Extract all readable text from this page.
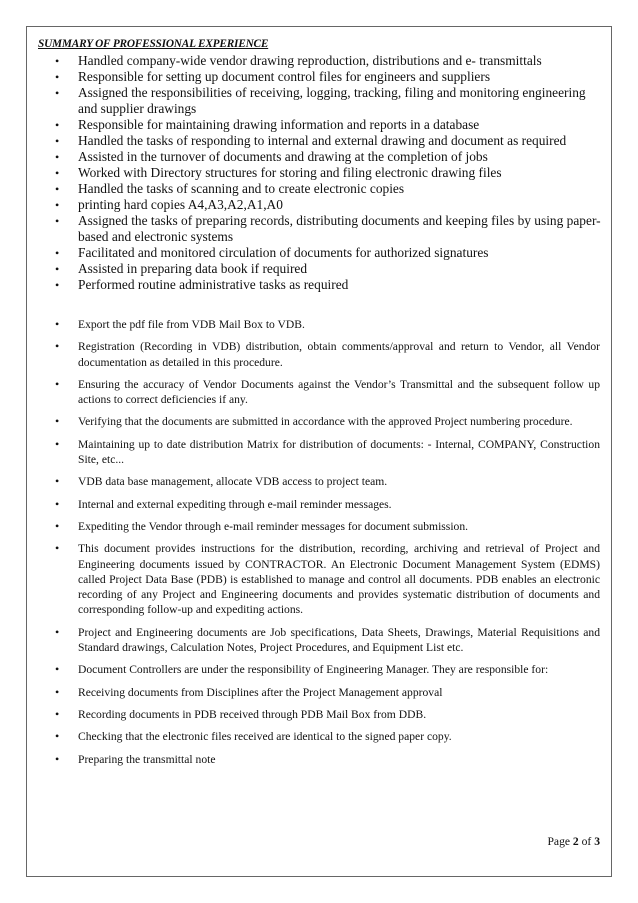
SUMMARY OF PROFESSIONAL EXPERIENCE

• Handled company-wide vendor drawing reproduction, distributions and e- transmittals
• Responsible for setting up document control files for engineers and suppliers
• Assigned the responsibilities of receiving, logging, tracking, filing and monitoring engineering and supplier drawings
• Responsible for maintaining drawing information and reports in a database
• Handled the tasks of responding to internal and external drawing and document as required
• Assisted in the turnover of documents and drawing at the completion of jobs
• Worked with Directory structures for storing and filing electronic drawing files
• Handled the tasks of scanning and to create electronic copies
• printing hard copies A4,A3,A2,A1,A0
• Assigned the tasks of preparing records, distributing documents and keeping files by using paper-based and electronic systems
• Facilitated and monitored circulation of documents for authorized signatures
• Assisted in preparing data book if required
• Performed routine administrative tasks as required
• Export the pdf file from VDB Mail Box to VDB.
• Registration (Recording in VDB) distribution, obtain comments/approval and return to Vendor, all Vendor documentation as detailed in this procedure.
• Ensuring the accuracy of Vendor Documents against the Vendor’s Transmittal and the subsequent follow up actions to correct deficiencies if any.
• Verifying that the documents are submitted in accordance with the approved Project numbering procedure.
• Maintaining up to date distribution Matrix for distribution of documents: - Internal, COMPANY, Construction Site, etc...
• VDB data base management, allocate VDB access to project team.
• Internal and external expediting through e-mail reminder messages.
• Expediting the Vendor through e-mail reminder messages for document submission.
• This document provides instructions for the distribution, recording, archiving and retrieval of Project and Engineering documents issued by CONTRACTOR. An Electronic Document Management System (EDMS) called Project Data Base (PDB) is established to manage and control all documents. PDB enables an electronic recording of any Project and Engineering documents and provides systematic distribution of documents and corresponding follow-up and expediting actions.
• Project and Engineering documents are Job specifications, Data Sheets, Drawings, Material Requisitions and Standard drawings, Calculation Notes, Project Procedures, and Equipment List etc.
• Document Controllers are under the responsibility of Engineering Manager. They are responsible for:
• Receiving documents from Disciplines after the Project Management approval
• Recording documents in PDB received through PDB Mail Box from DDB.
• Checking that the electronic files received are identical to the signed paper copy.
• Preparing the transmittal note

Page 2 of 3
